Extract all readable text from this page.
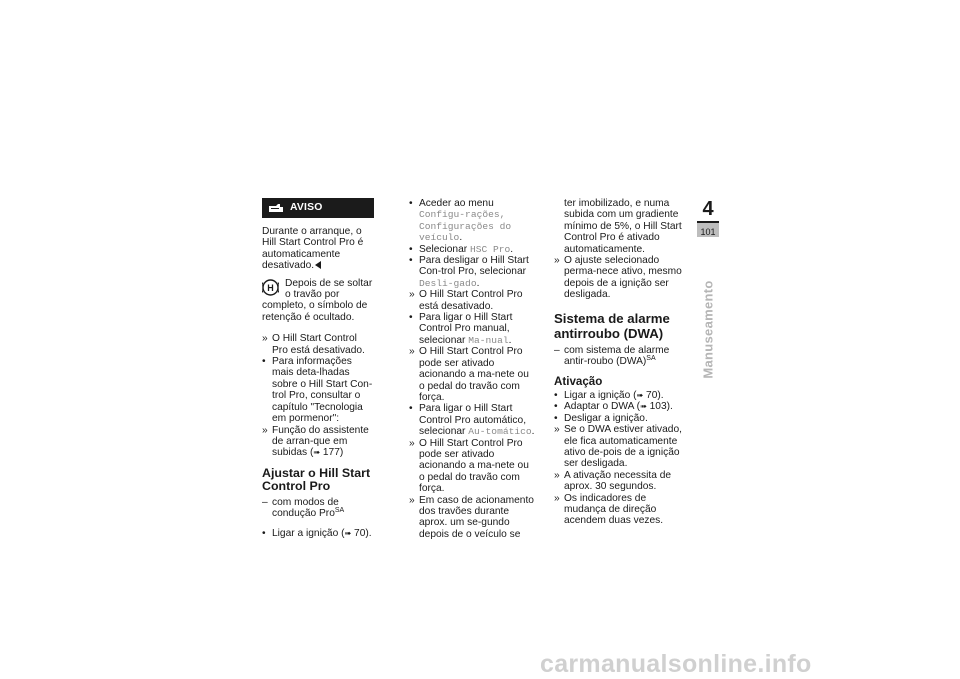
AVISO

Durante o arranque, o Hill Start Control Pro é automaticamente desativado.

H	Depois de se soltar o travão por completo, o símbolo de retenção é ocultado.

» O Hill Start Control Pro está desativado.
• Para informações mais deta-lhadas sobre o Hill Start Con-trol Pro, consultar o capítulo "Tecnologia em pormenor":
» Função do assistente de arran-que em subidas (➠ 177)
Ajustar o Hill Start Control Pro
– com modos de condução Pro$^{SA}$
• Ligar a ignição (➠ 70).
• Aceder ao menu Configu-rações, Configurações do veículo.
• Selecionar HSC Pro.
• Para desligar o Hill Start Con-trol Pro, selecionar Desli-gado.
» O Hill Start Control Pro está desativado.
• Para ligar o Hill Start Control Pro manual, selecionar Ma-nual.
» O Hill Start Control Pro pode ser ativado acionando a ma-nete ou o pedal do travão com força.
• Para ligar o Hill Start Control Pro automático, selecionar Au-tomático.
» O Hill Start Control Pro pode ser ativado acionando a ma-nete ou o pedal do travão com força.
» Em caso de acionamento dos travões durante aprox. um se-gundo depois de o veículo se

ter imobilizado, e numa subida com um gradiente mínimo de 5%, o Hill Start Control Pro é ativado automaticamente.

» O ajuste selecionado perma-nece ativo, mesmo depois de a ignição ser desligada.
Sistema de alarme antirroubo (DWA)
– com sistema de alarme antir-roubo (DWA)$^{SA}$
Ativação
• Ligar a ignição (➠ 70).
• Adaptar o DWA (➠ 103).
• Desligar a ignição.
» Se o DWA estiver ativado, ele fica automaticamente ativo de-pois de a ignição ser desligada.
» A ativação necessita de aprox. 30 segundos.
» Os indicadores de mudança de direção acendem duas vezes.
4
101
Manuseamento
carmanualsonline.info
